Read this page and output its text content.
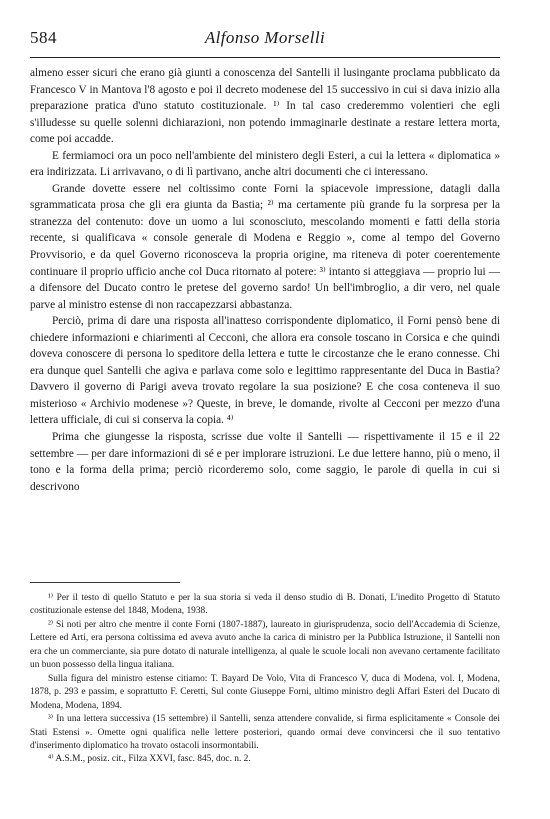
584	Alfonso Morselli

almeno esser sicuri che erano già giunti a conoscenza del Santelli il lusingante proclama pubblicato da Francesco V in Mantova l'8 agosto e poi il decreto modenese del 15 successivo in cui si dava inizio alla preparazione pratica d'uno statuto costituzionale. ¹⁾ In tal caso crederemmo volentieri che egli s'illudesse su quelle solenni dichiarazioni, non potendo immaginarle destinate a restare lettera morta, come poi accadde.

E fermiamoci ora un poco nell'ambiente del ministero degli Esteri, a cui la lettera « diplomatica » era indirizzata. Li arrivavano, o di lì partivano, anche altri documenti che ci interessano.

Grande dovette essere nel coltissimo conte Forni la spiacevole impressione, datagli dalla sgrammaticata prosa che gli era giunta da Bastia; ²⁾ ma certamente più grande fu la sorpresa per la stranezza del contenuto: dove un uomo a lui sconosciuto, mescolando momenti e fatti della storia recente, si qualificava « console generale di Modena e Reggio », come al tempo del Governo Provvisorio, e da quel Governo riconosceva la propria origine, ma riteneva di poter coerentemente continuare il proprio ufficio anche col Duca ritornato al potere: ³⁾ intanto si atteggiava — proprio lui — a difensore del Ducato contro le pretese del governo sardo! Un bell'imbroglio, a dir vero, nel quale parve al ministro estense di non raccapezzarsi abbastanza.

Perciò, prima di dare una risposta all'inatteso corrispondente diplomatico, il Forni pensò bene di chiedere informazioni e chiarimenti al Cecconi, che allora era console toscano in Corsica e che quindi doveva conoscere di persona lo speditore della lettera e tutte le circostanze che le erano connesse. Chi era dunque quel Santelli che agiva e parlava come solo e legittimo rappresentante del Duca in Bastia? Davvero il governo di Parigi aveva trovato regolare la sua posizione? E che cosa conteneva il suo misterioso « Archivio modenese »? Queste, in breve, le domande, rivolte al Cecconi per mezzo d'una lettera ufficiale, di cui si conserva la copia. ⁴⁾

Prima che giungesse la risposta, scrisse due volte il Santelli — rispettivamente il 15 e il 22 settembre — per dare informazioni di sé e per implorare istruzioni. Le due lettere hanno, più o meno, il tono e la forma della prima; perciò ricorderemo solo, come saggio, le parole di quella in cui si descrivono

¹⁾ Per il testo di quello Statuto e per la sua storia si veda il denso studio di B. Donati, L'inedito Progetto di Statuto costituzionale estense del 1848, Modena, 1938.

²⁾ Si noti per altro che mentre il conte Forni (1807-1887), laureato in giurisprudenza, socio dell'Accademia di Scienze, Lettere ed Arti, era persona coltissima ed aveva avuto anche la carica di ministro per la Pubblica Istruzione, il Santelli non era che un commerciante, sia pure dotato di naturale intelligenza, al quale le scuole locali non avevano certamente facilitato un buon possesso della lingua italiana.

Sulla figura del ministro estense citiamo: T. Bayard De Volo, Vita di Francesco V, duca di Modena, vol. I, Modena, 1878, p. 293 e passim, e soprattutto F. Ceretti, Sul conte Giuseppe Forni, ultimo ministro degli Affari Esteri del Ducato di Modena, Modena, 1894.

³⁾ In una lettera successiva (15 settembre) il Santelli, senza attendere convalide, si firma esplicitamente « Console dei Stati Estensi ». Omette ogni qualifica nelle lettere posteriori, quando ormai deve convincersi che il suo tentativo d'inserimento diplomatico ha trovato ostacoli insormontabili.

⁴⁾ A.S.M., posiz. cit., Filza XXVI, fasc. 845, doc. n. 2.
